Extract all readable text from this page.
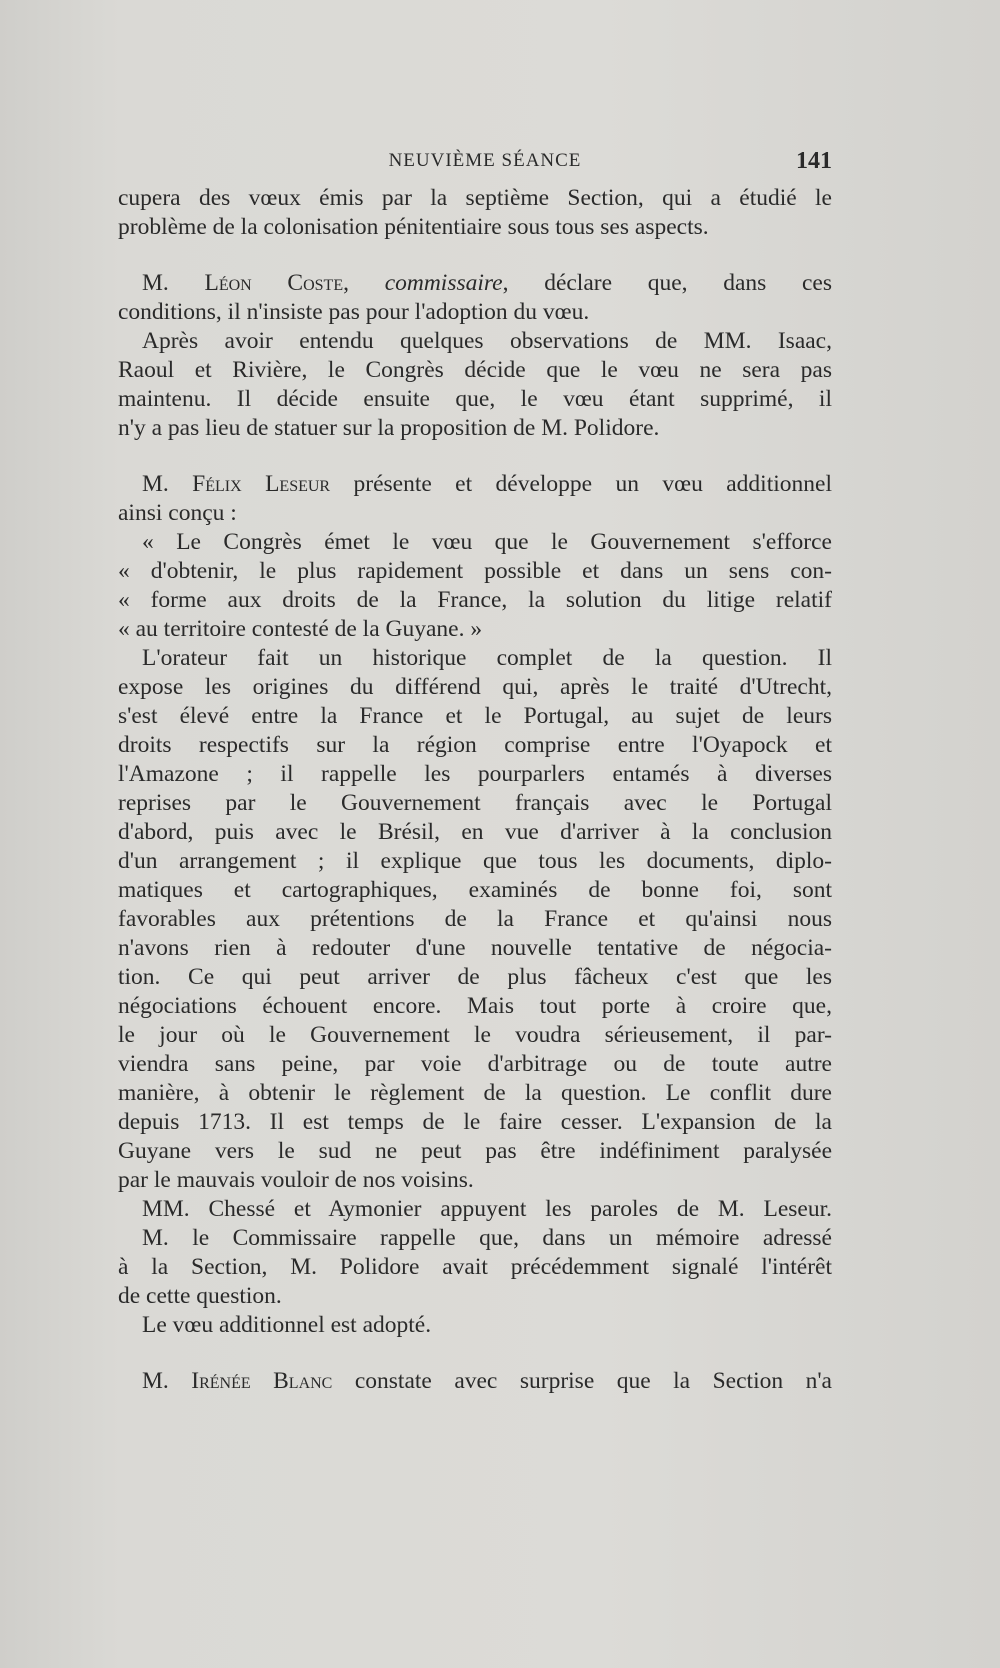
NEUVIÈME SÉANCE	141
cupera des vœux émis par la septième Section, qui a étudié le
problème de la colonisation pénitentiaire sous tous ses aspects.
M. Léon Coste, commissaire, déclare que, dans ces
conditions, il n'insiste pas pour l'adoption du vœu.
Après avoir entendu quelques observations de MM. Isaac,
Raoul et Rivière, le Congrès décide que le vœu ne sera pas
maintenu. Il décide ensuite que, le vœu étant supprimé, il
n'y a pas lieu de statuer sur la proposition de M. Polidore.
M. Félix Leseur présente et développe un vœu additionnel
ainsi conçu :
« Le Congrès émet le vœu que le Gouvernement s'efforce
« d'obtenir, le plus rapidement possible et dans un sens con-
« forme aux droits de la France, la solution du litige relatif
« au territoire contesté de la Guyane. »
L'orateur fait un historique complet de la question. Il
expose les origines du différend qui, après le traité d'Utrecht,
s'est élevé entre la France et le Portugal, au sujet de leurs
droits respectifs sur la région comprise entre l'Oyapock et
l'Amazone ; il rappelle les pourparlers entamés à diverses
reprises par le Gouvernement français avec le Portugal
d'abord, puis avec le Brésil, en vue d'arriver à la conclusion
d'un arrangement ; il explique que tous les documents, diplo-
matiques et cartographiques, examinés de bonne foi, sont
favorables aux prétentions de la France et qu'ainsi nous
n'avons rien à redouter d'une nouvelle tentative de négocia-
tion. Ce qui peut arriver de plus fâcheux c'est que les
négociations échouent encore. Mais tout porte à croire que,
le jour où le Gouvernement le voudra sérieusement, il par-
viendra sans peine, par voie d'arbitrage ou de toute autre
manière, à obtenir le règlement de la question. Le conflit dure
depuis 1713. Il est temps de le faire cesser. L'expansion de la
Guyane vers le sud ne peut pas être indéfiniment paralysée
par le mauvais vouloir de nos voisins.
MM. Chessé et Aymonier appuyent les paroles de M. Leseur.
M. le Commissaire rappelle que, dans un mémoire adressé
à la Section, M. Polidore avait précédemment signalé l'intérêt
de cette question.
Le vœu additionnel est adopté.
M. Irénée Blanc constate avec surprise que la Section n'a
